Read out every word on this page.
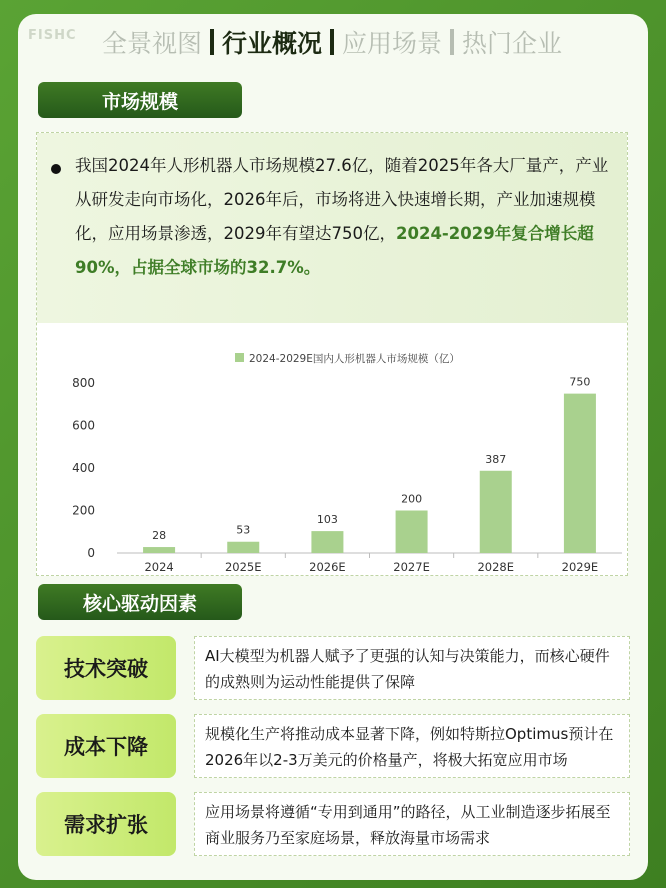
FISHC 全景视图 行业概况 应用场景 热门企业
市场规模

我国2024年人形机器人市场规模27.6亿，随着2025年各大厂量产，产业从研发走向市场化，2026年后，市场将进入快速增长期，产业加速规模化，应用场景渗透，2029年有望达750亿，2024-2029年复合增长超90%，占据全球市场的32.7%。

2024-2029E国内人形机器人市场规模（亿）
0
200
400
600
800
28
2024
53
2025E
103
2026E
200
2027E
387
2028E
750
2029E
核心驱动因素
技术突破
AI大模型为机器人赋予了更强的认知与决策能力，而核心硬件的成熟则为运动性能提供了保障
成本下降
规模化生产将推动成本显著下降，例如特斯拉Optimus预计在2026年以2-3万美元的价格量产，将极大拓宽应用市场
需求扩张
应用场景将遵循“专用到通用”的路径，从工业制造逐步拓展至商业服务乃至家庭场景，释放海量市场需求
